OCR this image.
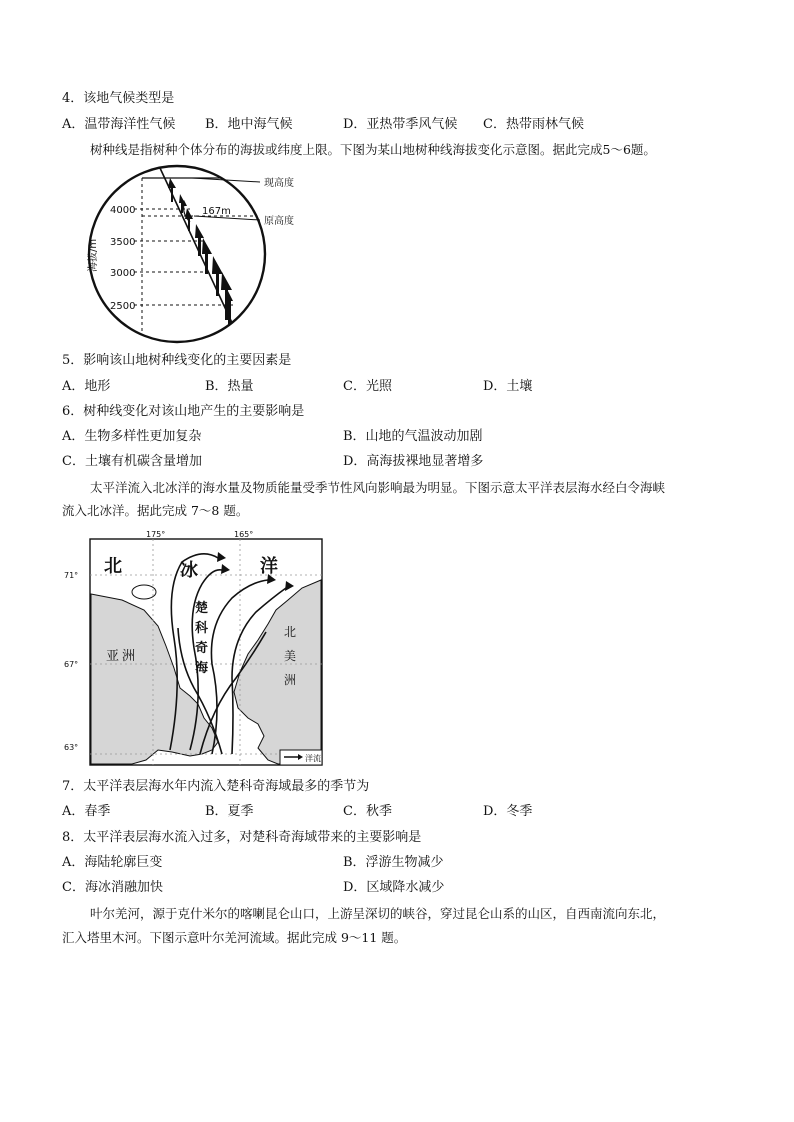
4．该地气候类型是
A．温带海洋性气候 B．地中海气候	D．亚热带季风气候 C．热带雨林气候
树种线是指树种个体分布的海拔或纬度上限。下图为某山地树种线海拔变化示意图。据此完成5～6题。
海拔/m
4000
3500
3000
2500
现高度
原高度
167m
5．影响该山地树种线变化的主要因素是
A．地形	B．热量	C．光照	D．土壤
6．树种线变化对该山地产生的主要影响是
A．生物多样性更加复杂	B．山地的气温波动加剧
C．土壤有机碳含量增加	D．高海拔裸地显著增多
太平洋流入北冰洋的海水量及物质能量受季节性风向影响最为明显。下图示意太平洋表层海水经白令海峡
流入北冰洋。据此完成 7～8 题。
175°	165°
71°
67°
63°
北	冰	洋
楚
科
奇
海
亚 洲
北
美
洲
洋流
7．太平洋表层海水年内流入楚科奇海域最多的季节为
A．春季	B．夏季	C．秋季	D．冬季
8．太平洋表层海水流入过多，对楚科奇海域带来的主要影响是
A．海陆轮廓巨变	B．浮游生物减少
C．海冰消融加快	D．区域降水减少
叶尔羌河，源于克什米尔的喀喇昆仑山口，上游呈深切的峡谷，穿过昆仑山系的山区，自西南流向东北，
汇入塔里木河。下图示意叶尔羌河流域。据此完成 9～11 题。
